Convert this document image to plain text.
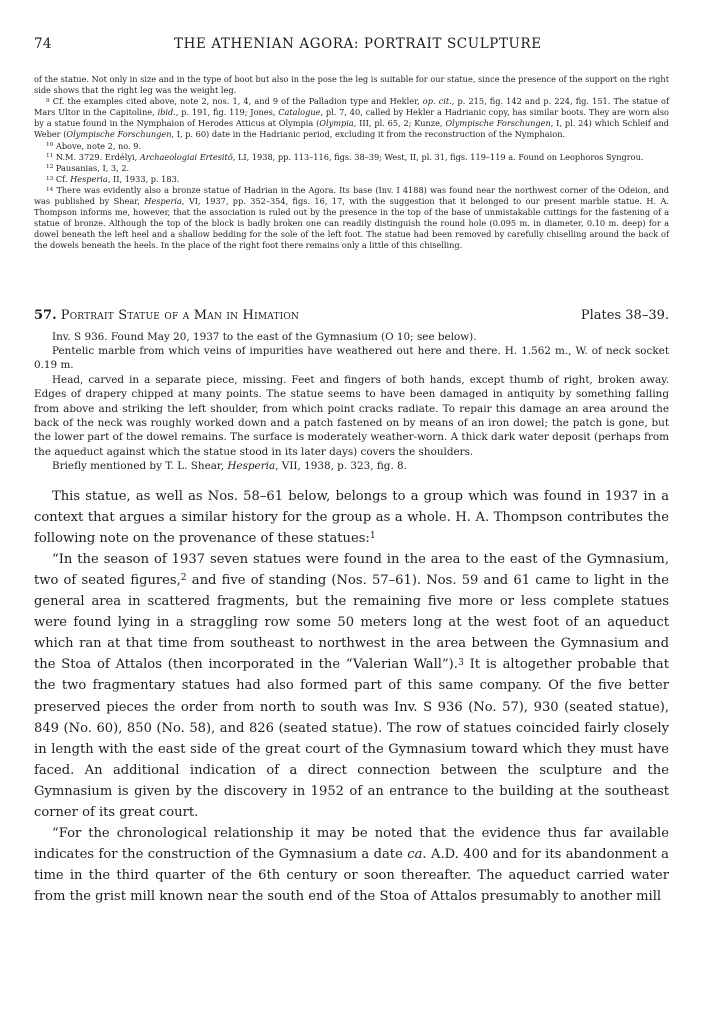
74	THE ATHENIAN AGORA: PORTRAIT SCULPTURE

of the statue. Not only in size and in the type of boot but also in the pose the leg is suitable for our statue, since the presence of the support on the right side shows that the right leg was the weight leg.

$^9$ Cf. the examples cited above, note 2, nos. 1, 4, and 9 of the Palladion type and Hekler, op. cit., p. 215, fig. 142 and p. 224, fig. 151. The statue of Mars Ultor in the Capitoline, ibid., p. 191, fig. 119; Jones, Catalogue, pl. 7, 40, called by Hekler a Hadrianic copy, has similar boots. They are worn also by a statue found in the Nymphaion of Herodes Atticus at Olympia (Olympia, III, pl. 65, 2; Kunze, Olympische Forschungen, I, pl. 24) which Schleif and Weber (Olympische Forschungen, I, p. 60) date in the Hadrianic period, excluding it from the reconstruction of the Nymphaion.

$^{10}$ Above, note 2, no. 9.

$^{11}$ N.M. 3729. Erdélyi, Archaeologiai Ertesitö, LI, 1938, pp. 113–116, figs. 38–39; West, II, pl. 31, figs. 119–119 a. Found on Leophoros Syngrou.

$^{12}$ Pausanias, I, 3, 2.

$^{13}$ Cf. Hesperia, II, 1933, p. 183.

$^{14}$ There was evidently also a bronze statue of Hadrian in the Agora. Its base (Inv. I 4188) was found near the northwest corner of the Odeion, and was published by Shear, Hesperia, VI, 1937, pp. 352–354, figs. 16, 17, with the suggestion that it belonged to our present marble statue. H. A. Thompson informs me, however, that the association is ruled out by the presence in the top of the base of unmistakable cuttings for the fastening of a statue of bronze. Although the top of the block is badly broken one can readily distinguish the round hole (0.095 m. in diameter, 0.10 m. deep) for a dowel beneath the left heel and a shallow bedding for the sole of the left foot. The statue had been removed by carefully chiselling around the back of the dowels beneath the heels. In the place of the right foot there remains only a little of this chiselling.

57. Portrait Statue of a Man in Himation	Plates 38–39.

Inv. S 936. Found May 20, 1937 to the east of the Gymnasium (O 10; see below).

Pentelic marble from which veins of impurities have weathered out here and there. H. 1.562 m., W. of neck socket 0.19 m.

Head, carved in a separate piece, missing. Feet and fingers of both hands, except thumb of right, broken away. Edges of drapery chipped at many points. The statue seems to have been damaged in antiquity by something falling from above and striking the left shoulder, from which point cracks radiate. To repair this damage an area around the back of the neck was roughly worked down and a patch fastened on by means of an iron dowel; the patch is gone, but the lower part of the dowel remains. The surface is moderately weather-worn. A thick dark water deposit (perhaps from the aqueduct against which the statue stood in its later days) covers the shoulders.

Briefly mentioned by T. L. Shear, Hesperia, VII, 1938, p. 323, fig. 8.

This statue, as well as Nos. 58–61 below, belongs to a group which was found in 1937 in a context that argues a similar history for the group as a whole. H. A. Thompson contributes the following note on the provenance of these statues:$^1$

“In the season of 1937 seven statues were found in the area to the east of the Gymnasium, two of seated figures,$^2$ and five of standing (Nos. 57–61). Nos. 59 and 61 came to light in the general area in scattered fragments, but the remaining five more or less complete statues were found lying in a straggling row some 50 meters long at the west foot of an aqueduct which ran at that time from southeast to northwest in the area between the Gymnasium and the Stoa of Attalos (then incorporated in the “Valerian Wall”).$^3$ It is altogether probable that the two fragmentary statues had also formed part of this same company. Of the five better preserved pieces the order from north to south was Inv. S 936 (No. 57), 930 (seated statue), 849 (No. 60), 850 (No. 58), and 826 (seated statue). The row of statues coincided fairly closely in length with the east side of the great court of the Gymnasium toward which they must have faced. An additional indication of a direct connection between the sculpture and the Gymnasium is given by the discovery in 1952 of an entrance to the building at the southeast corner of its great court.

“For the chronological relationship it may be noted that the evidence thus far available indicates for the construction of the Gymnasium a date ca. A.D. 400 and for its abandonment a time in the third quarter of the 6th century or soon thereafter. The aqueduct carried water from the grist mill known near the south end of the Stoa of Attalos presumably to another mill
